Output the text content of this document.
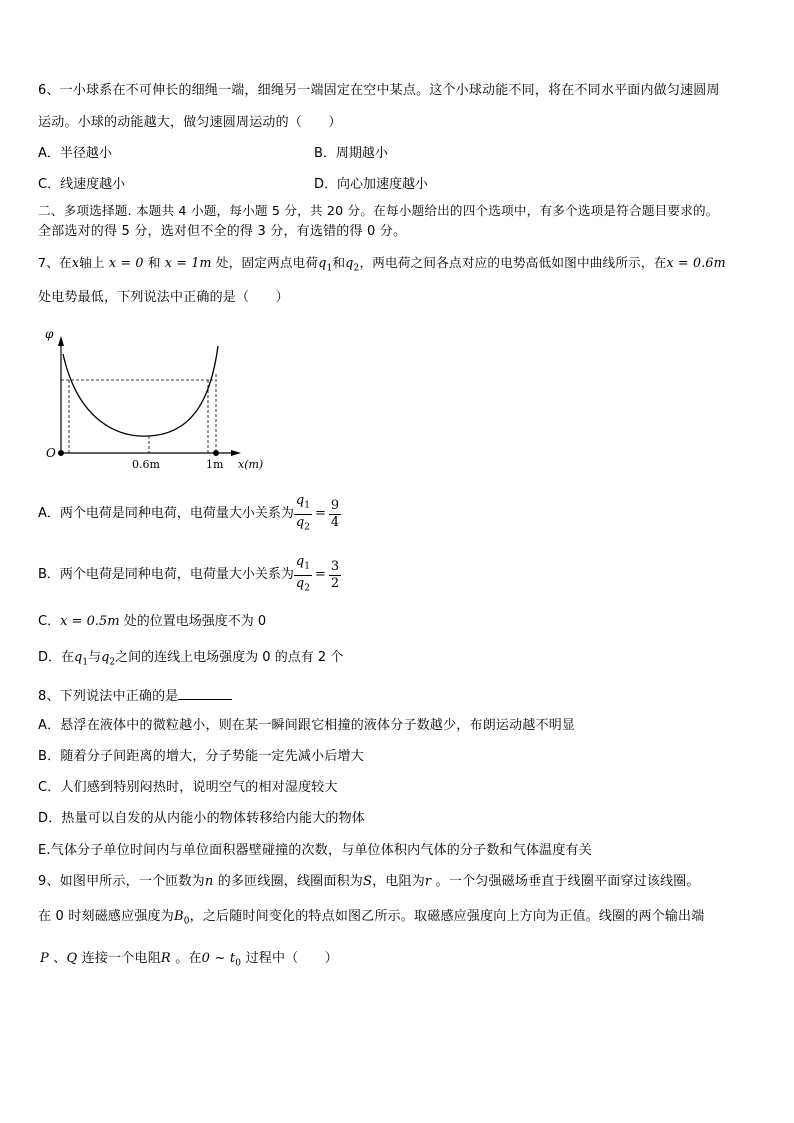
6、一小球系在不可伸长的细绳一端，细绳另一端固定在空中某点。这个小球动能不同，将在不同水平面内做匀速圆周
运动。小球的动能越大，做匀速圆周运动的（　　）
A．半径越小	B．周期越小
C．线速度越小	D．向心加速度越小
二、多项选择题. 本题共 4 小题，每小题 5 分，共 20 分。在每小题给出的四个选项中，有多个选项是符合题目要求的。
全部选对的得 5 分，选对但不全的得 3 分，有选错的得 0 分。
7、在x轴上 x = 0 和 x = 1m 处，固定两点电荷$q_1$和$q_2$，两电荷之间各点对应的电势高低如图中曲线所示，在x = 0.6m
处电势最低，下列说法中正确的是（　　）
φ
O
0.6m	1m x(m)
A．两个电荷是同种电荷，电荷量大小关系为 $\frac{q_1}{q_2} = \frac{9}{4}$
B．两个电荷是同种电荷，电荷量大小关系为 $\frac{q_1}{q_2} = \frac{3}{2}$
C．x = 0.5m 处的位置电场强度不为 0
D．在$q_1$与$q_2$之间的连线上电场强度为 0 的点有 2 个
8、下列说法中正确的是
A．悬浮在液体中的微粒越小，则在某一瞬间跟它相撞的液体分子数越少，布朗运动越不明显
B．随着分子间距离的增大，分子势能一定先减小后增大
C．人们感到特别闷热时，说明空气的相对湿度较大
D．热量可以自发的从内能小的物体转移给内能大的物体
E.气体分子单位时间内与单位面积器壁碰撞的次数，与单位体积内气体的分子数和气体温度有关
9、如图甲所示，一个匝数为n 的多匝线圈，线圈面积为S，电阻为r 。一个匀强磁场垂直于线圈平面穿过该线圈。
在 0 时刻磁感应强度为$B_0$，之后随时间变化的特点如图乙所示。取磁感应强度向上方向为正值。线圈的两个输出端
P 、Q 连接一个电阻R 。在0 ~ $t_0$ 过程中（　　）
